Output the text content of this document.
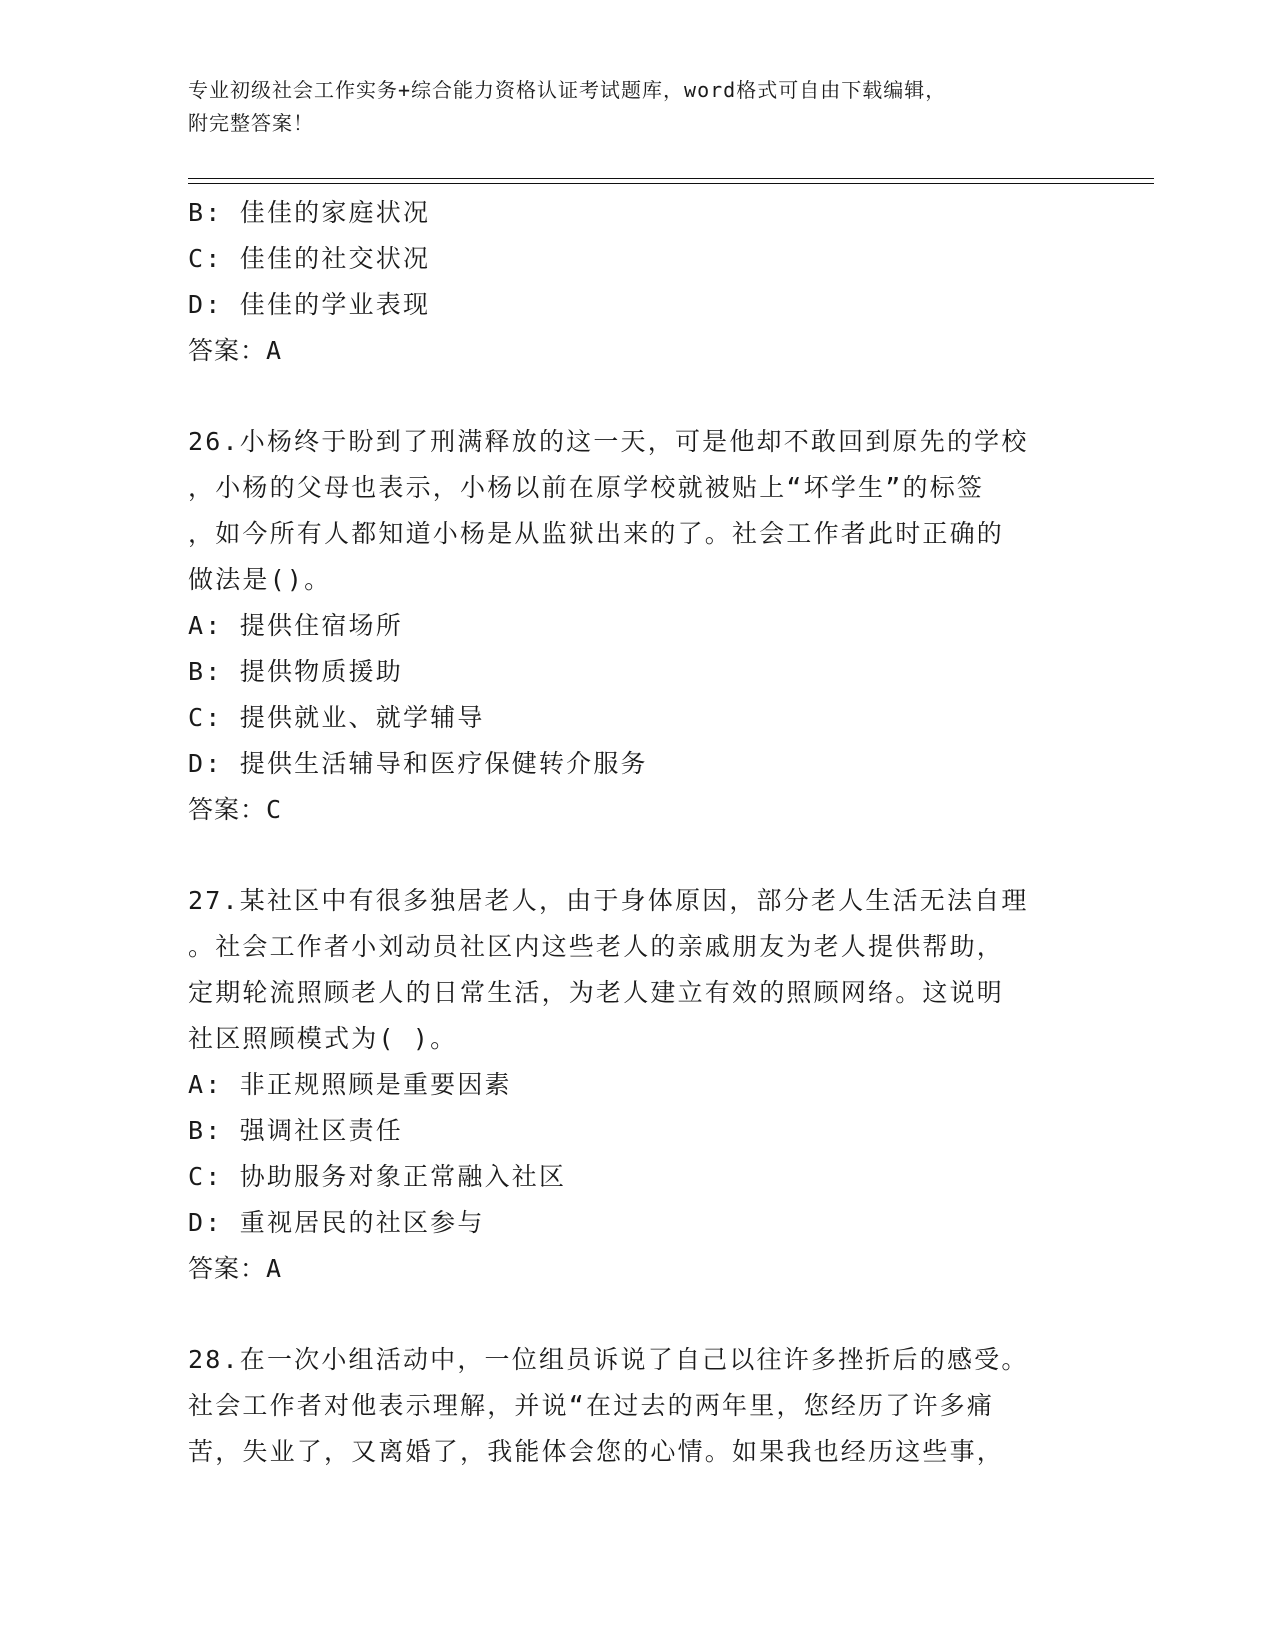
专业初级社会工作实务+综合能力资格认证考试题库，word格式可自由下载编辑，
附完整答案！
B: 佳佳的家庭状况
C: 佳佳的社交状况
D: 佳佳的学业表现
答案：A
26.小杨终于盼到了刑满释放的这一天，可是他却不敢回到原先的学校
，小杨的父母也表示，小杨以前在原学校就被贴上“坏学生”的标签
，如今所有人都知道小杨是从监狱出来的了。社会工作者此时正确的
做法是()。
A: 提供住宿场所
B: 提供物质援助
C: 提供就业、就学辅导
D: 提供生活辅导和医疗保健转介服务
答案：C
27.某社区中有很多独居老人，由于身体原因，部分老人生活无法自理
。社会工作者小刘动员社区内这些老人的亲戚朋友为老人提供帮助，
定期轮流照顾老人的日常生活，为老人建立有效的照顾网络。这说明
社区照顾模式为( )。
A: 非正规照顾是重要因素
B: 强调社区责任
C: 协助服务对象正常融入社区
D: 重视居民的社区参与
答案：A
28.在一次小组活动中，一位组员诉说了自己以往许多挫折后的感受。
社会工作者对他表示理解，并说“在过去的两年里，您经历了许多痛
苦，失业了，又离婚了，我能体会您的心情。如果我也经历这些事，
